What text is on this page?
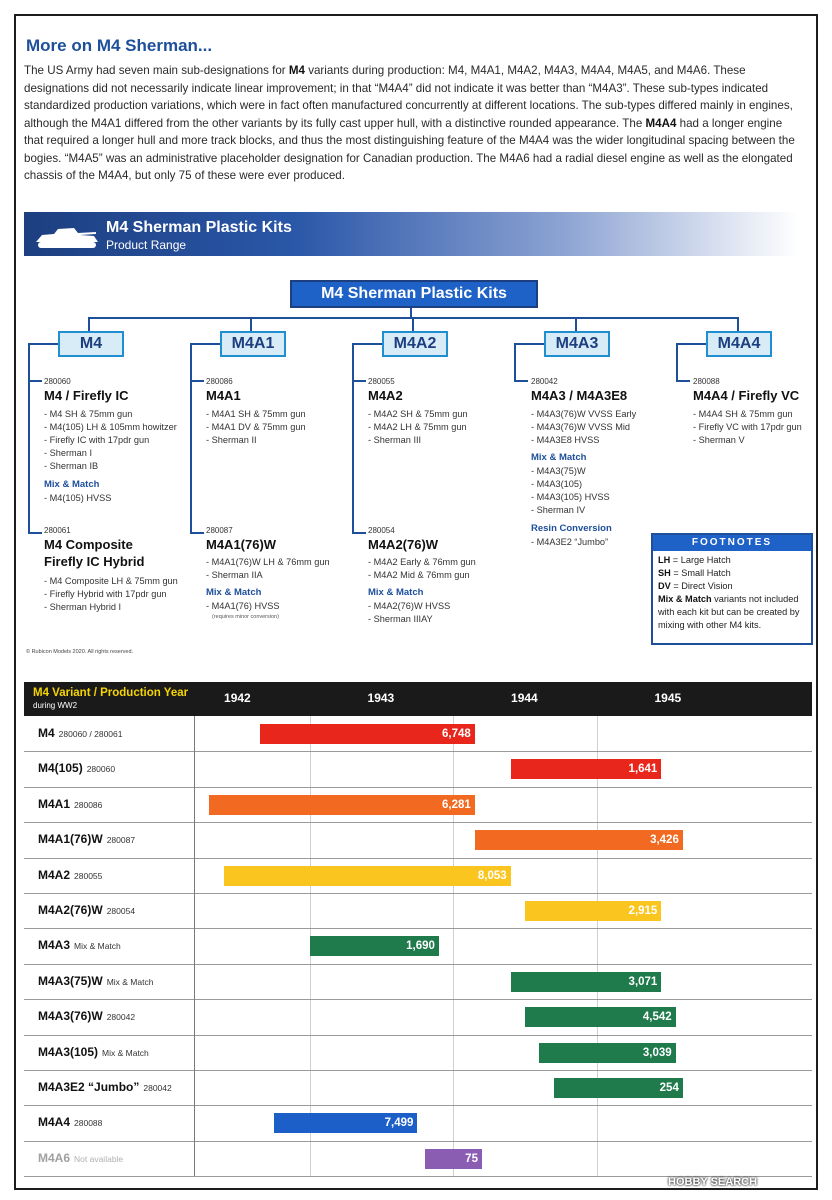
More on M4 Sherman...
The US Army had seven main sub-designations for M4 variants during production: M4, M4A1, M4A2, M4A3, M4A4, M4A5, and M4A6. These designations did not necessarily indicate linear improvement; in that “M4A4” did not indicate it was better than “M4A3”. These sub-types indicated standardized production variations, which were in fact often manufactured concurrently at different locations. The sub-types differed mainly in engines, although the M4A1 differed from the other variants by its fully cast upper hull, with a distinctive rounded appearance. The M4A4 had a longer engine that required a longer hull and more track blocks, and thus the most distinguishing feature of the M4A4 was the wider longitudinal spacing between the bogies. “M4A5” was an administrative placeholder designation for Canadian production. The M4A6 had a radial diesel engine as well as the elongated chassis of the M4A4, but only 75 of these were ever produced.
M4 Sherman Plastic Kits
Product Range
M4 Sherman Plastic Kits
M4	M4A1	M4A2	M4A3	M4A4
280060
M4 / Firefly IC
- M4 SH & 75mm gun
- M4(105) LH & 105mm howitzer
- Firefly IC with 17pdr gun
- Sherman I
- Sherman IB
Mix & Match
- M4(105) HVSS
280061
M4 Composite
Firefly IC Hybrid
- M4 Composite LH & 75mm gun
- Firefly Hybrid with 17pdr gun
- Sherman Hybrid I
280086
M4A1
- M4A1 SH & 75mm gun
- M4A1 DV & 75mm gun
- Sherman II
280087
M4A1(76)W
- M4A1(76)W LH & 76mm gun
- Sherman IIA
Mix & Match
- M4A1(76) HVSS
(requires minor conversion)
280055
M4A2
- M4A2 SH & 75mm gun
- M4A2 LH & 75mm gun
- Sherman III
280054
M4A2(76)W
- M4A2 Early & 76mm gun
- M4A2 Mid & 76mm gun
Mix & Match
- M4A2(76)W HVSS
- Sherman IIIAY
280042
M4A3 / M4A3E8
- M4A3(76)W VVSS Early
- M4A3(76)W VVSS Mid
- M4A3E8 HVSS
Mix & Match
- M4A3(75)W
- M4A3(105)
- M4A3(105) HVSS
- Sherman IV
Resin Conversion
- M4A3E2 “Jumbo”
280088
M4A4 / Firefly VC
- M4A4 SH & 75mm gun
- Firefly VC with 17pdr gun
- Sherman V
FOOTNOTES
LH = Large Hatch
SH = Small Hatch
DV = Direct Vision
Mix & Match variants not included with each kit but can be created by mixing with other M4 kits.
© Rubicon Models 2020. All rights reserved.
M4 Variant / Production Year
during WW2
1942	1943	1944	1945
M4 280060 / 280061	6,748
M4(105) 280060	1,641
M4A1 280086	6,281
M4A1(76)W 280087	3,426
M4A2 280055	8,053
M4A2(76)W 280054	2,915
M4A3 Mix & Match	1,690
M4A3(75)W Mix & Match	3,071
M4A3(76)W 280042	4,542
M4A3(105) Mix & Match	3,039
M4A3E2 “Jumbo” 280042	254
M4A4 280088	7,499
M4A6 Not available	75
HOBBY SEARCH
